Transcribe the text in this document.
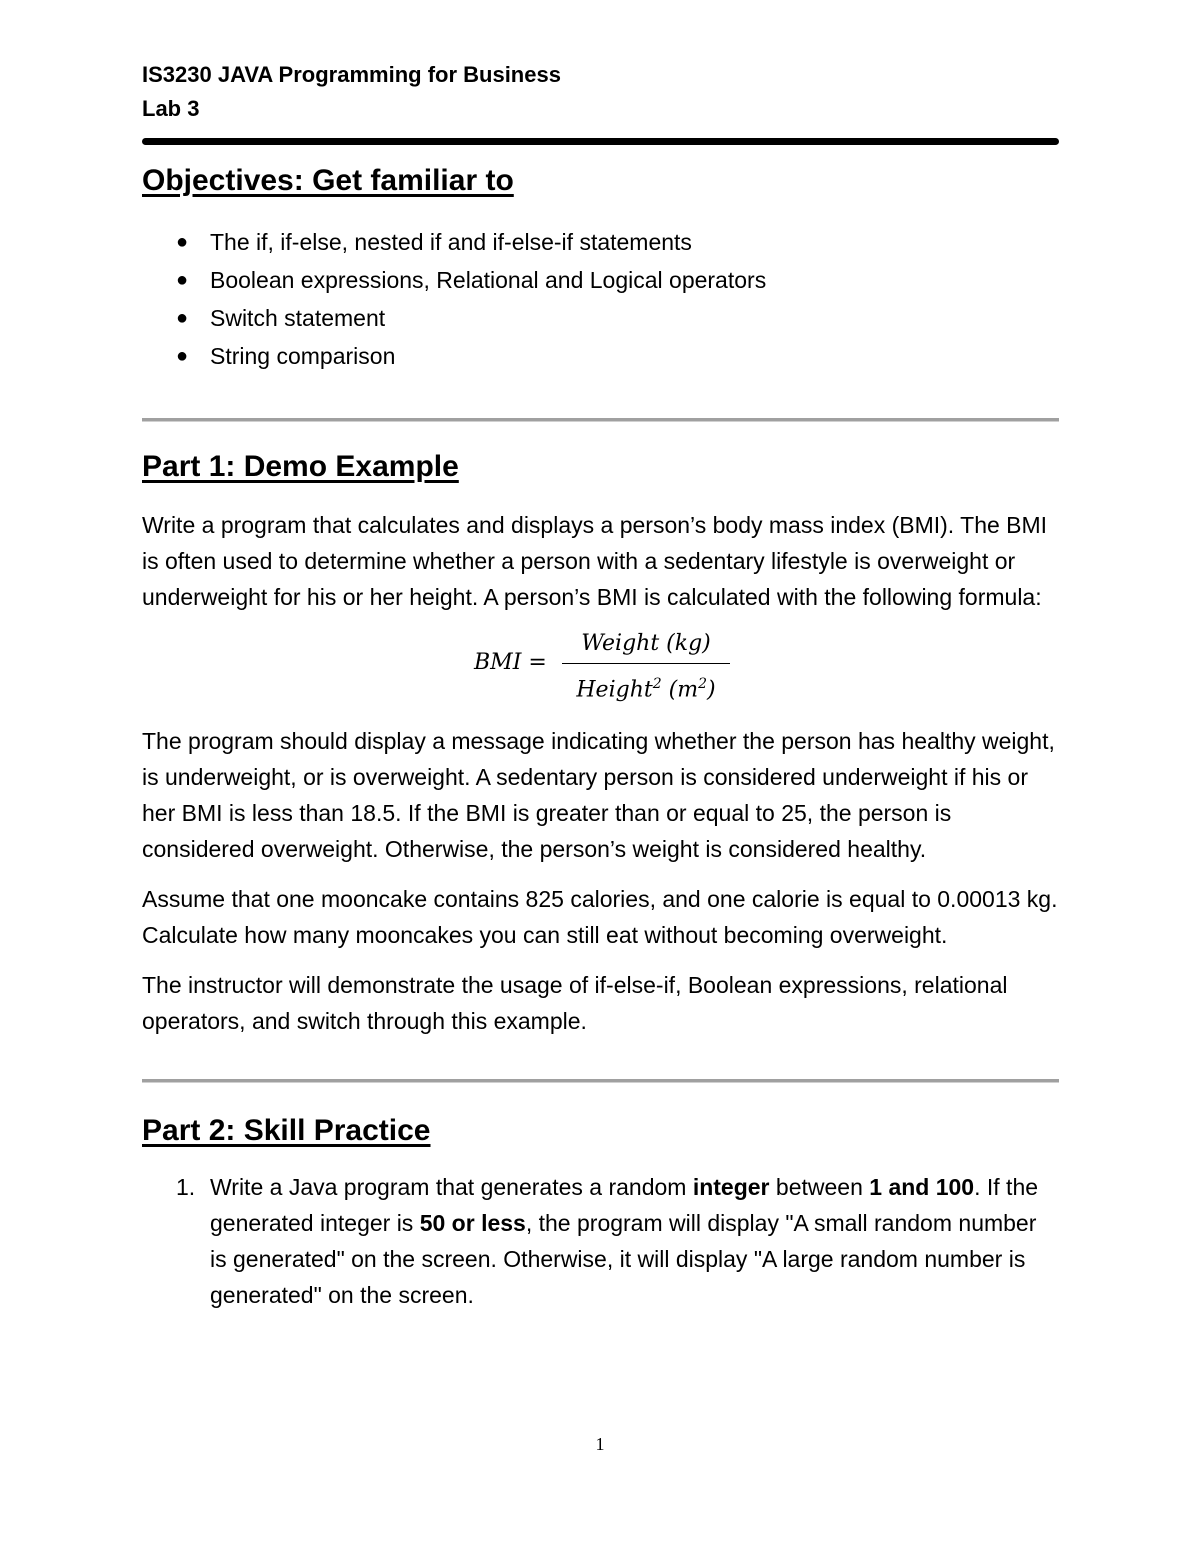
IS3230 JAVA Programming for Business

Lab 3

Objectives: Get familiar to
● The if, if-else, nested if and if-else-if statements
● Boolean expressions, Relational and Logical operators
● Switch statement
● String comparison
Part 1: Demo Example

Write a program that calculates and displays a person’s body mass index (BMI). The BMI is often used to determine whether a person with a sedentary lifestyle is overweight or underweight for his or her height. A person’s BMI is calculated with the following formula:

BMI =
Weight (kg)
Height$^2$ $(m^2)$

The program should display a message indicating whether the person has healthy weight, is underweight, or is overweight. A sedentary person is considered underweight if his or her BMI is less than 18.5. If the BMI is greater than or equal to 25, the person is considered overweight. Otherwise, the person’s weight is considered healthy.

Assume that one mooncake contains 825 calories, and one calorie is equal to 0.00013 kg. Calculate how many mooncakes you can still eat without becoming overweight.

The instructor will demonstrate the usage of if-else-if, Boolean expressions, relational operators, and switch through this example.

Part 2: Skill Practice
1. Write a Java program that generates a random integer between 1 and 100. If the generated integer is 50 or less, the program will display "A small random number is generated" on the screen. Otherwise, it will display "A large random number is generated" on the screen.
1
